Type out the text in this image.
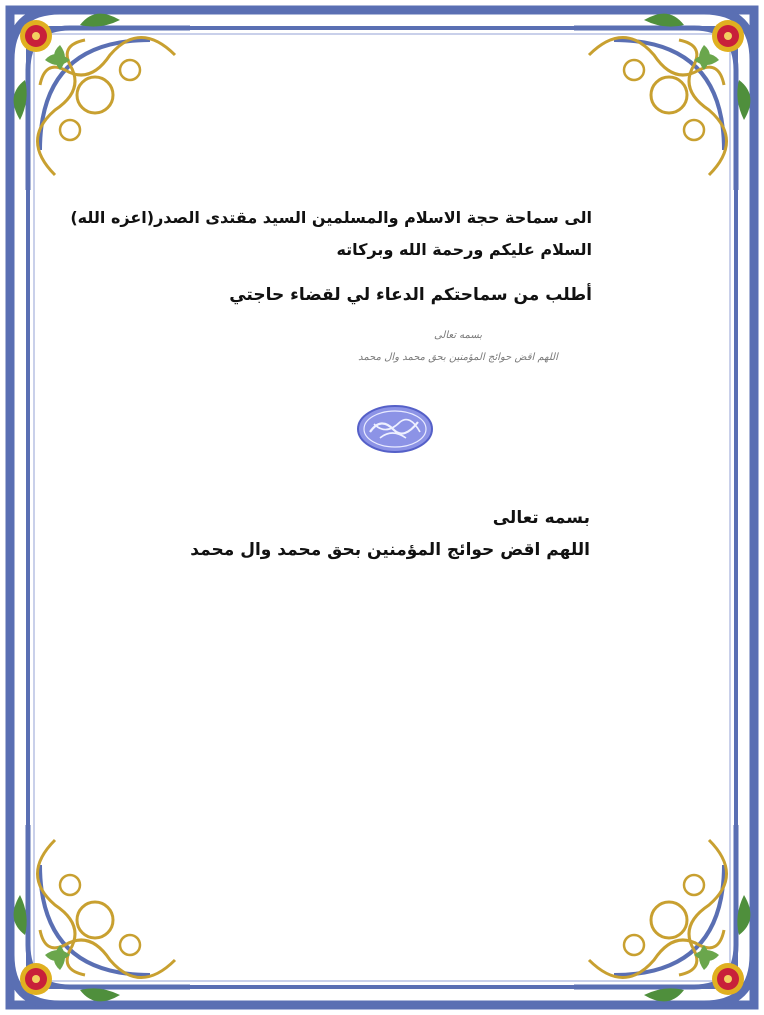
الى سماحة حجة الاسلام والمسلمين السيد مقتدى الصدر(اعزه الله)
السلام عليكم ورحمة الله وبركاته
أطلب من سماحتكم الدعاء لي لقضاء حاجتي
بسمه تعالى
اللهم اقض حوائج المؤمنين بحق محمد وال محمد
بسمه تعالى
اللهم اقض حوائج المؤمنين بحق محمد وال محمد
